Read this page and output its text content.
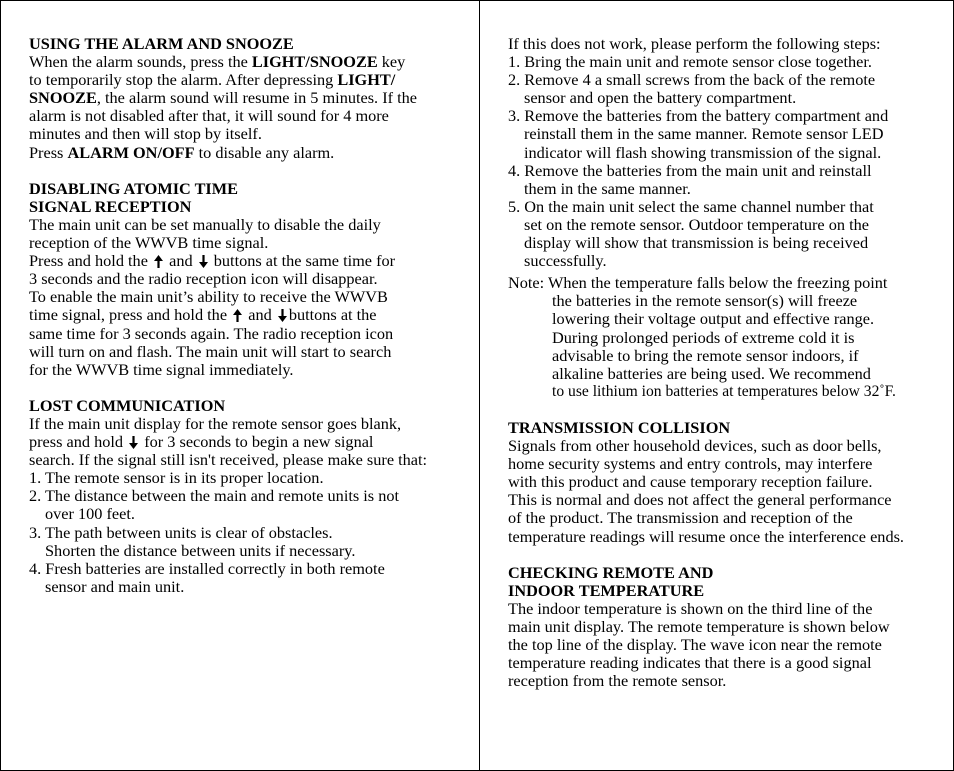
USING THE ALARM AND SNOOZE
When the alarm sounds, press the LIGHT/SNOOZE key
to temporarily stop the alarm. After depressing LIGHT/
SNOOZE, the alarm sound will resume in 5 minutes. If the
alarm is not disabled after that, it will sound for 4 more
minutes and then will stop by itself.
Press ALARM ON/OFF to disable any alarm.
DISABLING ATOMIC TIME
SIGNAL RECEPTION
The main unit can be set manually to disable the daily
reception of the WWVB time signal.
Press and hold the and buttons at the same time for
3 seconds and the radio reception icon will disappear.
To enable the main unit’s ability to receive the WWVB
time signal, press and hold the and buttons at the
same time for 3 seconds again. The radio reception icon
will turn on and flash. The main unit will start to search
for the WWVB time signal immediately.
LOST COMMUNICATION
If the main unit display for the remote sensor goes blank,
press and hold for 3 seconds to begin a new signal
search. If the signal still isn't received, please make sure that:
1. The remote sensor is in its proper location.
2. The distance between the main and remote units is not
over 100 feet.
3. The path between units is clear of obstacles.
Shorten the distance between units if necessary.
4. Fresh batteries are installed correctly in both remote
sensor and main unit.
If this does not work, please perform the following steps:
1. Bring the main unit and remote sensor close together.
2. Remove 4 a small screws from the back of the remote
sensor and open the battery compartment.
3. Remove the batteries from the battery compartment and
reinstall them in the same manner. Remote sensor LED
indicator will flash showing transmission of the signal.
4. Remove the batteries from the main unit and reinstall
them in the same manner.
5. On the main unit select the same channel number that
set on the remote sensor. Outdoor temperature on the
display will show that transmission is being received
successfully.
Note: When the temperature falls below the freezing point
the batteries in the remote sensor(s) will freeze
lowering their voltage output and effective range.
During prolonged periods of extreme cold it is
advisable to bring the remote sensor indoors, if
alkaline batteries are being used. We recommend
to use lithium ion batteries at temperatures below 32˚F.
TRANSMISSION COLLISION
Signals from other household devices, such as door bells,
home security systems and entry controls, may interfere
with this product and cause temporary reception failure.
This is normal and does not affect the general performance
of the product. The transmission and reception of the
temperature readings will resume once the interference ends.
CHECKING REMOTE AND
INDOOR TEMPERATURE
The indoor temperature is shown on the third line of the
main unit display. The remote temperature is shown below
the top line of the display. The wave icon near the remote
temperature reading indicates that there is a good signal
reception from the remote sensor.
